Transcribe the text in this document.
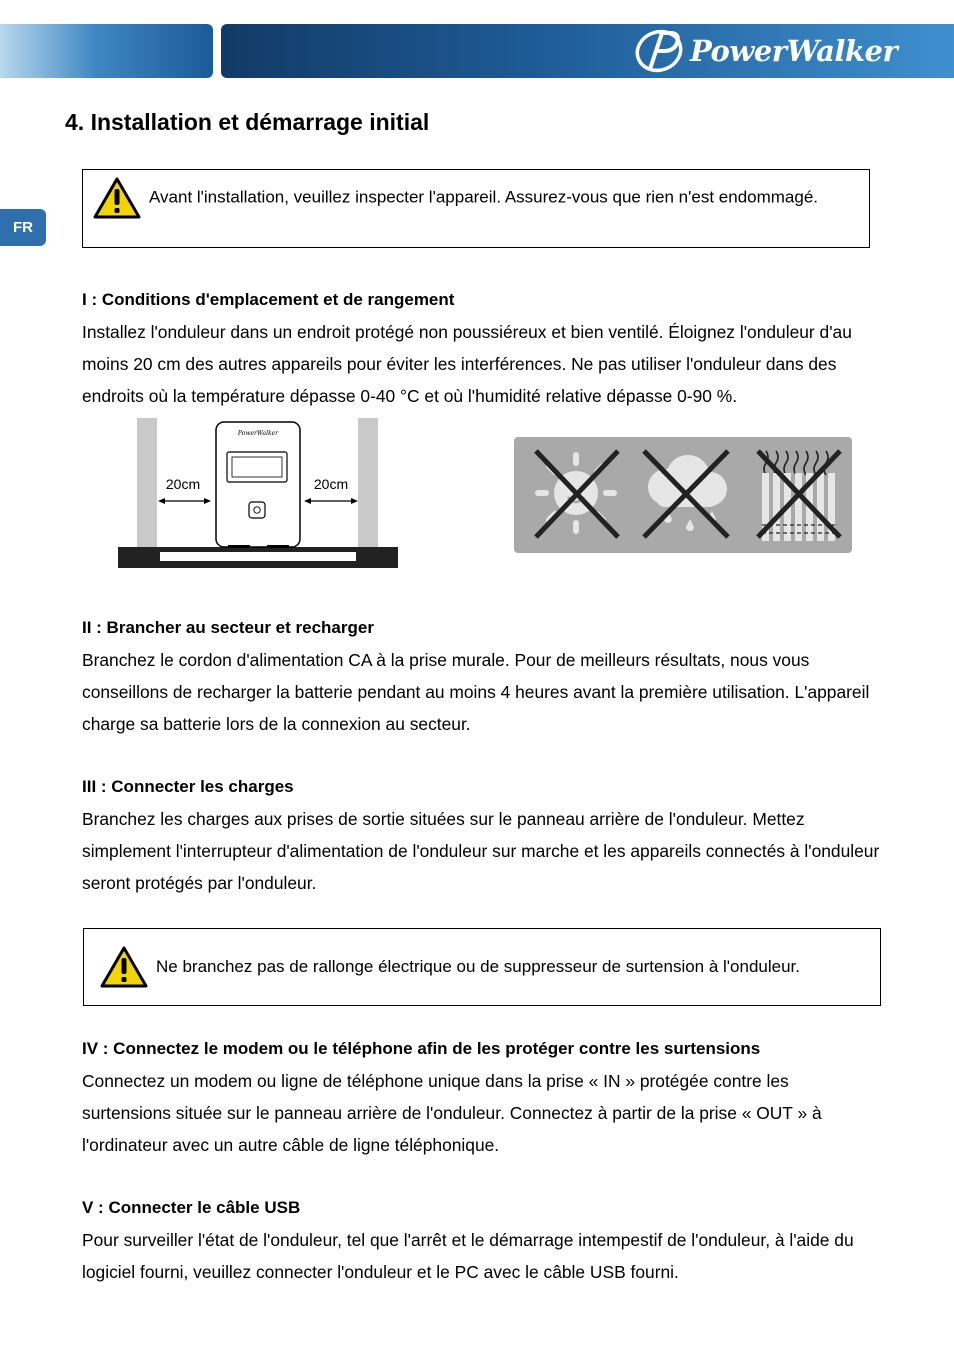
PowerWalker
FR
4. Installation et démarrage initial
Avant l'installation, veuillez inspecter l'appareil. Assurez-vous que rien n'est endommagé.
I : Conditions d'emplacement et de rangement

Installez l'onduleur dans un endroit protégé non poussiéreux et bien ventilé. Éloignez l'onduleur d'au moins 20 cm des autres appareils pour éviter les interférences. Ne pas utiliser l'onduleur dans des endroits où la température dépasse 0-40 °C et où l'humidité relative dépasse 0-90 %.

PowerWalker
20cm	20cm
II : Brancher au secteur et recharger

Branchez le cordon d'alimentation CA à la prise murale. Pour de meilleurs résultats, nous vous conseillons de recharger la batterie pendant au moins 4 heures avant la première utilisation. L'appareil charge sa batterie lors de la connexion au secteur.

III : Connecter les charges

Branchez les charges aux prises de sortie situées sur le panneau arrière de l'onduleur. Mettez simplement l'interrupteur d'alimentation de l'onduleur sur marche et les appareils connectés à l'onduleur seront protégés par l'onduleur.

Ne branchez pas de rallonge électrique ou de suppresseur de surtension à l'onduleur.
IV : Connectez le modem ou le téléphone afin de les protéger contre les surtensions

Connectez un modem ou ligne de téléphone unique dans la prise « IN » protégée contre les surtensions située sur le panneau arrière de l'onduleur. Connectez à partir de la prise « OUT » à l'ordinateur avec un autre câble de ligne téléphonique.

V : Connecter le câble USB

Pour surveiller l'état de l'onduleur, tel que l'arrêt et le démarrage intempestif de l'onduleur, à l'aide du logiciel fourni, veuillez connecter l'onduleur et le PC avec le câble USB fourni.
